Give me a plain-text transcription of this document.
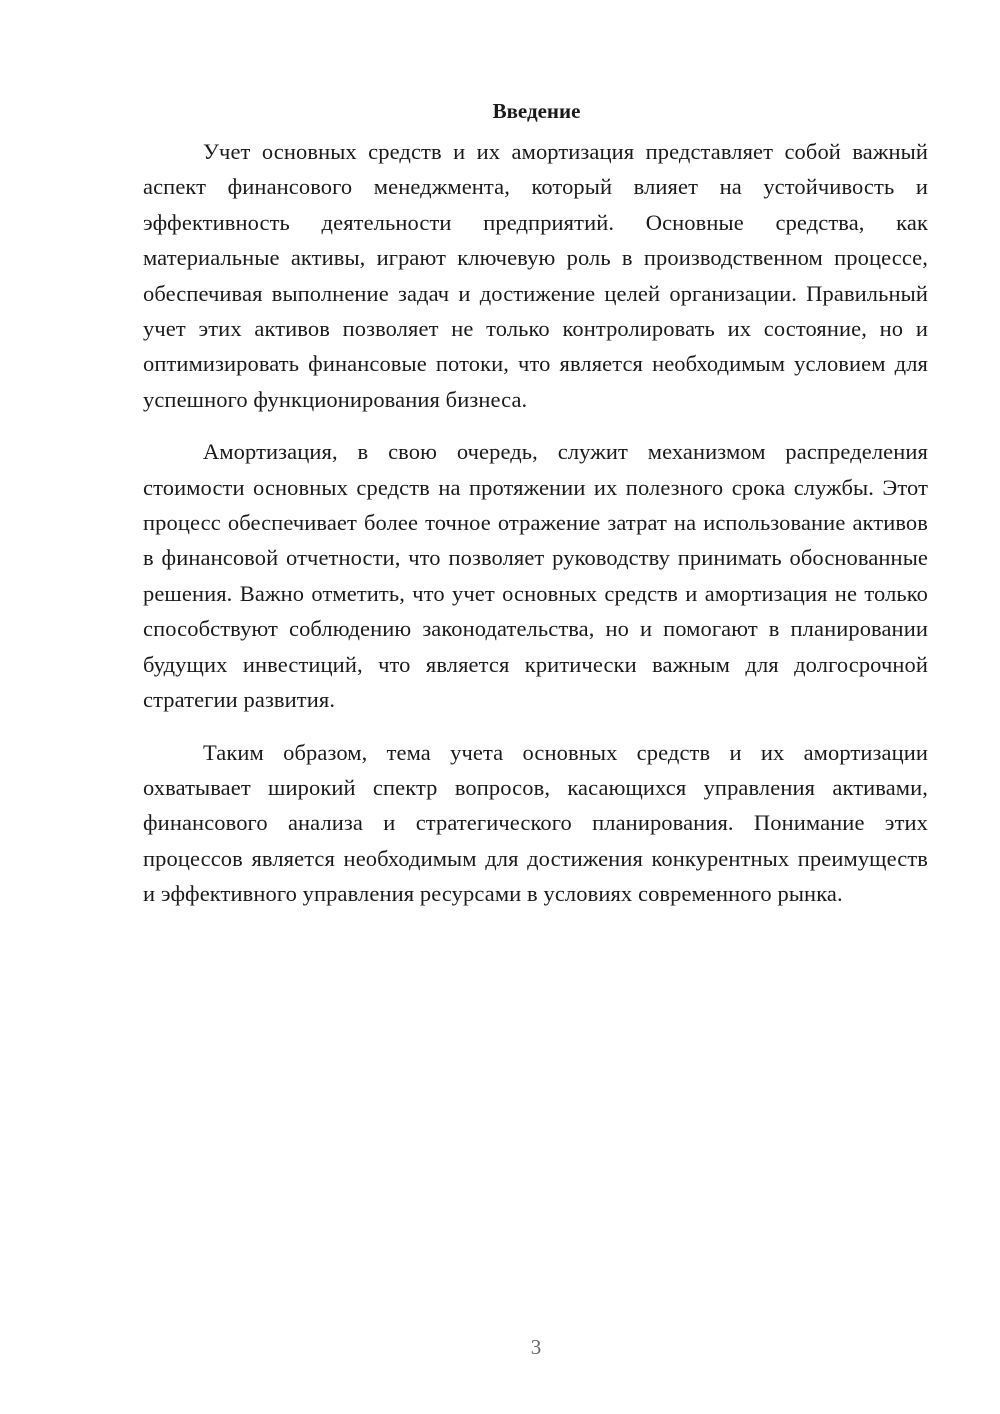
Введение

Учет основных средств и их амортизация представляет собой важный аспект финансового менеджмента, который влияет на устойчивость и эффективность деятельности предприятий. Основные средства, как материальные активы, играют ключевую роль в производственном процессе, обеспечивая выполнение задач и достижение целей организации. Правильный учет этих активов позволяет не только контролировать их состояние, но и оптимизировать финансовые потоки, что является необходимым условием для успешного функционирования бизнеса.

Амортизация, в свою очередь, служит механизмом распределения стоимости основных средств на протяжении их полезного срока службы. Этот процесс обеспечивает более точное отражение затрат на использование активов в финансовой отчетности, что позволяет руководству принимать обоснованные решения. Важно отметить, что учет основных средств и амортизация не только способствуют соблюдению законодательства, но и помогают в планировании будущих инвестиций, что является критически важным для долгосрочной стратегии развития.

Таким образом, тема учета основных средств и их амортизации охватывает широкий спектр вопросов, касающихся управления активами, финансового анализа и стратегического планирования. Понимание этих процессов является необходимым для достижения конкурентных преимуществ и эффективного управления ресурсами в условиях современного рынка.

3
